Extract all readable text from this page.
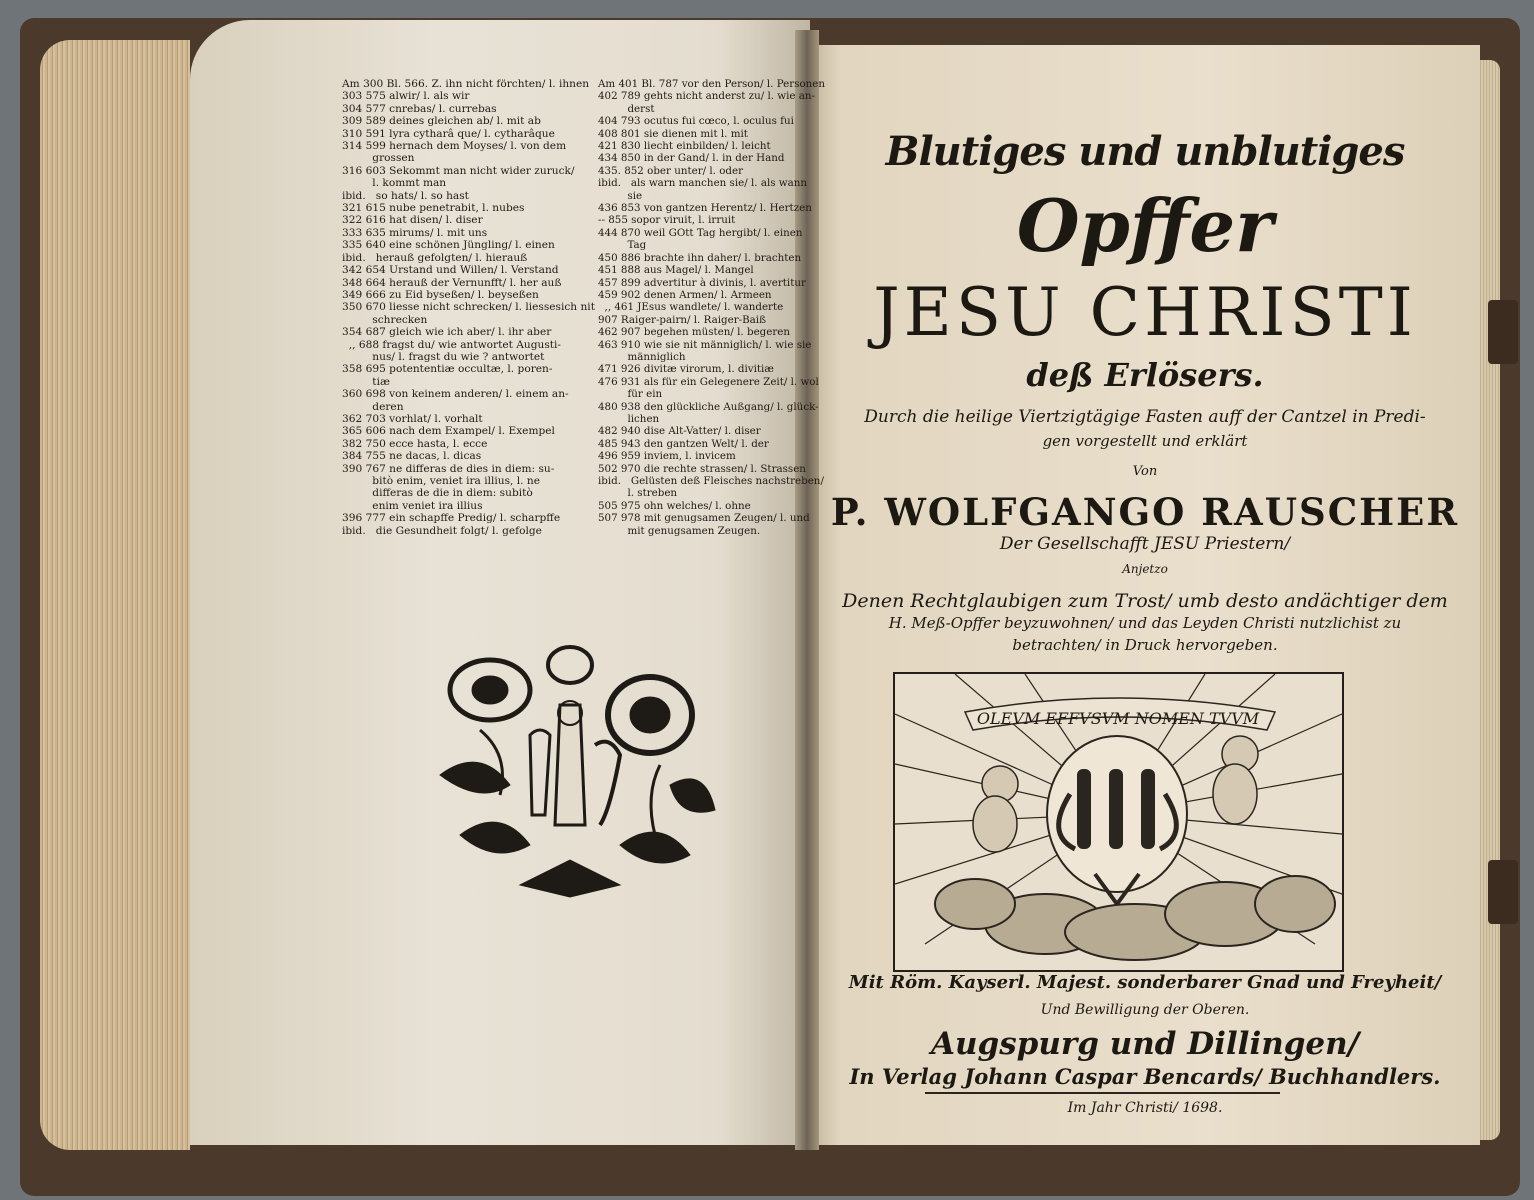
Am 300 Bl. 566. Z. ihn nicht förchten/ l. ihnen
303 575 alwir/ l. als wir
304 577 cnrebas/ l. currebas
309 589 deines gleichen ab/ l. mit ab
310 591 lyra cytharâ que/ l. cytharâque
314 599 hernach dem Moyses/ l. von dem
grossen
316 603 Sekommt man nicht wider zuruck/
l. kommt man
ibid.   so hats/ l. so hast
321 615 nube penetrabit, l. nubes
322 616 hat disen/ l. diser
333 635 mirums/ l. mit uns
335 640 eine schönen Jüngling/ l. einen
ibid.   herauß gefolgten/ l. hierauß
342 654 Urstand und Willen/ l. Verstand
348 664 herauß der Vernunfft/ l. her auß
349 666 zu Eid byseßen/ l. beyseßen
350 670 liesse nicht schrecken/ l. liessesich nit
schrecken
354 687 gleich wie ich aber/ l. ihr aber
,, 688 fragst du/ wie antwortet Augusti-
nus/ l. fragst du wie ? antwortet
358 695 potententiæ occultæ, l. poren-
tiæ
360 698 von keinem anderen/ l. einem an-
deren
362 703 vorhlat/ l. vorhalt
365 606 nach dem Exampel/ l. Exempel
382 750 ecce hasta, l. ecce
384 755 ne dacas, l. dicas
390 767 ne differas de dies in diem: su-
bitò enim, veniet ira illius, l. ne
differas de die in diem: subitò
enim veniet ira illius
396 777 ein schapffe Predig/ l. scharpffe
ibid.   die Gesundheit folgt/ l. gefolge
Am 401 Bl. 787 vor den Person/ l. Personen
402 789 gehts nicht anderst zu/ l. wie an-
derst
404 793 ocutus fui cœco, l. oculus fui
408 801 sie dienen mit l. mit
421 830 liecht einbilden/ l. leicht
434 850 in der Gand/ l. in der Hand
435. 852 ober unter/ l. oder
ibid.   als warn manchen sie/ l. als wann
sie
436 853 von gantzen Herentz/ l. Hertzen
-- 855 sopor viruit, l. irruit
444 870 weil GOtt Tag hergibt/ l. einen
Tag
450 886 brachte ihn daher/ l. brachten
451 888 aus Magel/ l. Mangel
457 899 advertitur à divinis, l. avertitur
459 902 denen Armen/ l. Armeen
,, 461 JEsus wandlete/ l. wanderte
907 Raiger-pairn/ l. Raiger-Baiß
462 907 begehen müsten/ l. begeren
463 910 wie sie nit männiglich/ l. wie sie
männiglich
471 926 divitæ virorum, l. divitiæ
476 931 als für ein Gelegenere Zeit/ l. wol
für ein
480 938 den glückliche Außgang/ l. glück-
lichen
482 940 dise Alt-Vatter/ l. diser
485 943 den gantzen Welt/ l. der
496 959 inviem, l. invicem
502 970 die rechte strassen/ l. Strassen
ibid.   Gelüsten deß Fleisches nachstreben/
l. streben
505 975 ohn welches/ l. ohne
507 978 mit genugsamen Zeugen/ l. und
mit genugsamen Zeugen.
Blutiges und unblutiges
Opffer
JESU CHRISTI
deß Erlösers.
Durch die heilige Viertzigtägige Fasten auff der Cantzel in Predi-
gen vorgestellt und erklärt
Von
P. WOLFGANGO RAUSCHER
Der Gesellschafft JESU Priestern/
Anjetzo
Denen Rechtglaubigen zum Trost/ umb desto andächtiger dem
H. Meß-Opffer beyzuwohnen/ und das Leyden Christi nutzlichist zu
betrachten/ in Druck hervorgeben.
OLEVM EFFVSVM NOMEN TVVM
Mit Röm. Kayserl. Majest. sonderbarer Gnad und Freyheit/
Und Bewilligung der Oberen.
Augspurg und Dillingen/
In Verlag Johann Caspar Bencards/ Buchhandlers.
Im Jahr Christi/ 1698.
